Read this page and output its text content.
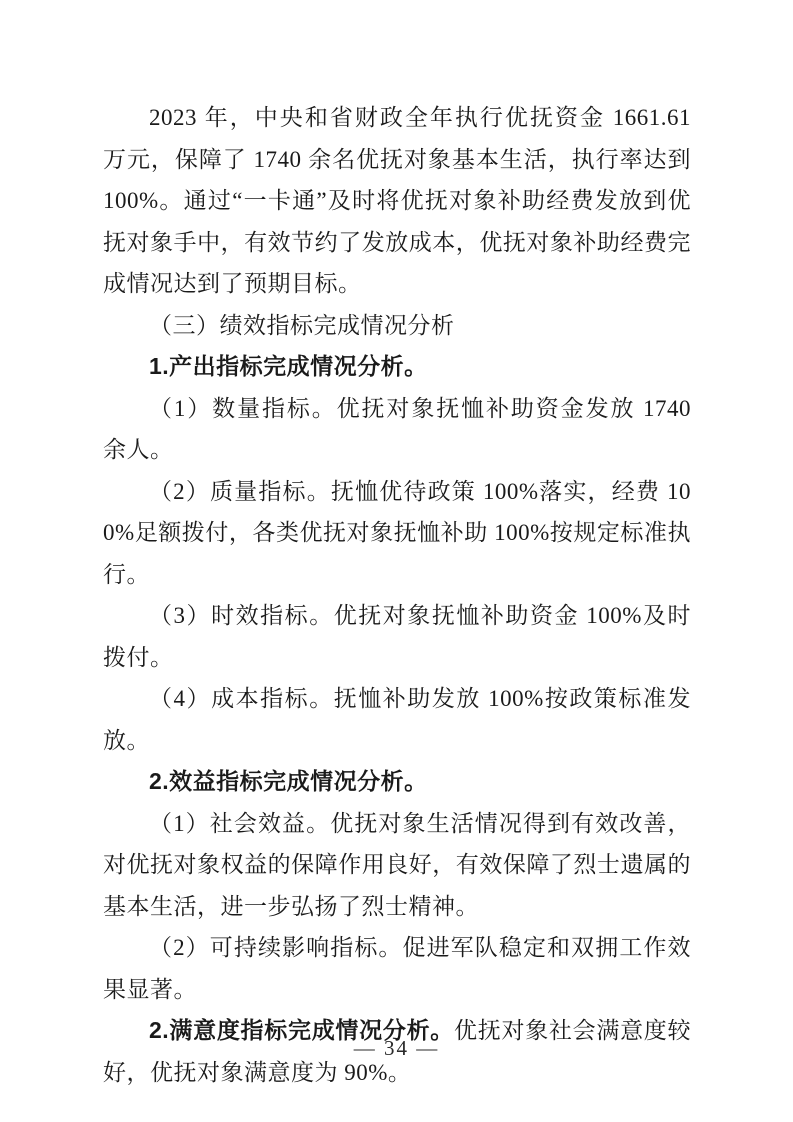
2023 年，中央和省财政全年执行优抚资金 1661.61 万元，保障了 1740 余名优抚对象基本生活，执行率达到 100%。通过“一卡通”及时将优抚对象补助经费发放到优抚对象手中，有效节约了发放成本，优抚对象补助经费完成情况达到了预期目标。

（三）绩效指标完成情况分析

1.产出指标完成情况分析。

（1）数量指标。优抚对象抚恤补助资金发放 1740 余人。

（2）质量指标。抚恤优待政策 100%落实，经费 100%足额拨付，各类优抚对象抚恤补助 100%按规定标准执行。

（3）时效指标。优抚对象抚恤补助资金 100%及时拨付。

（4）成本指标。抚恤补助发放 100%按政策标准发放。

2.效益指标完成情况分析。

（1）社会效益。优抚对象生活情况得到有效改善，对优抚对象权益的保障作用良好，有效保障了烈士遗属的基本生活，进一步弘扬了烈士精神。

（2）可持续影响指标。促进军队稳定和双拥工作效果显著。

2.满意度指标完成情况分析。优抚对象社会满意度较好，优抚对象满意度为 90%。

— 34 —
